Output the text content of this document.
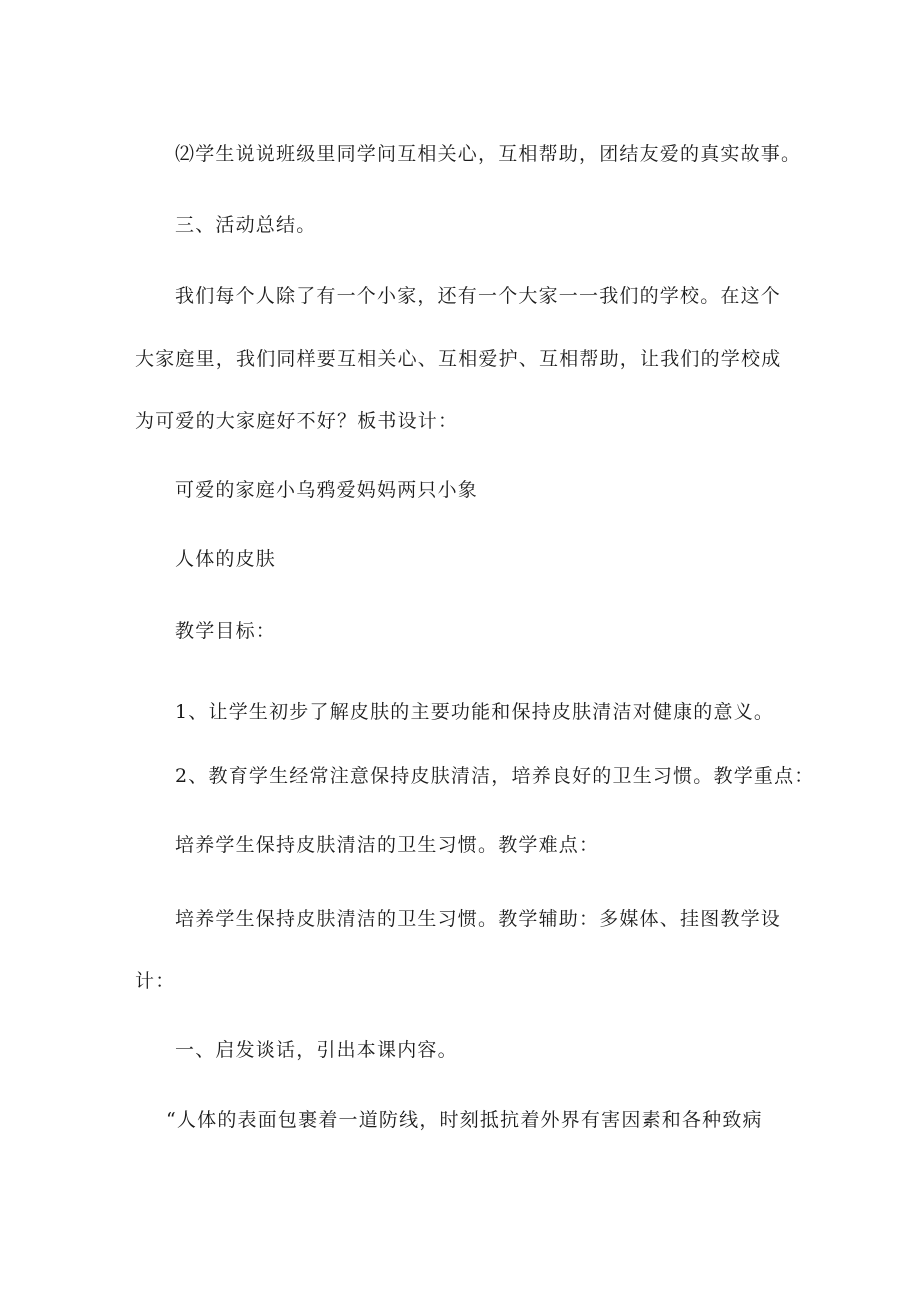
⑵学生说说班级里同学问互相关心，互相帮助，团结友爱的真实故事。
三、活动总结。
我们每个人除了有一个小家，还有一个大家一一我们的学校。在这个
大家庭里，我们同样要互相关心、互相爱护、互相帮助，让我们的学校成
为可爱的大家庭好不好？板书设计：
可爱的家庭小乌鸦爱妈妈两只小象
人体的皮肤
教学目标：
1、让学生初步了解皮肤的主要功能和保持皮肤清洁对健康的意义。
2、教育学生经常注意保持皮肤清洁，培养良好的卫生习惯。教学重点：
培养学生保持皮肤清洁的卫生习惯。教学难点：
培养学生保持皮肤清洁的卫生习惯。教学辅助：多媒体、挂图教学设
计：
一、启发谈话，引出本课内容。
“人体的表面包裹着一道防线，时刻抵抗着外界有害因素和各种致病
